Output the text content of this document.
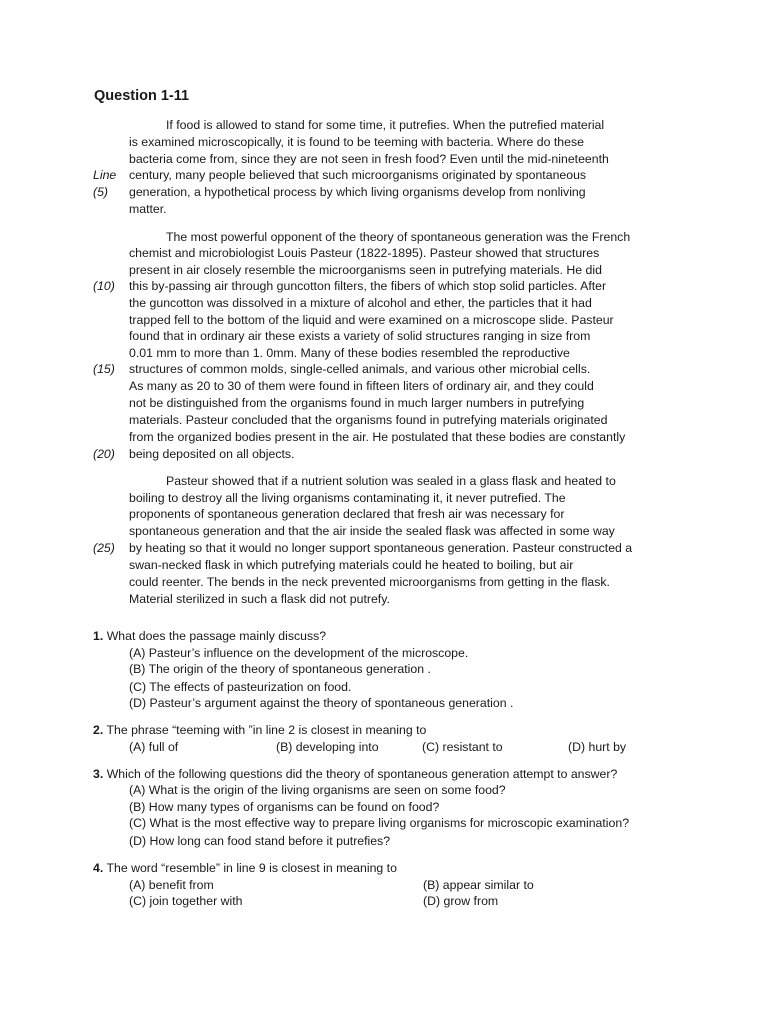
Question 1-11
If food is allowed to stand for some time, it putrefies. When the putrefied material
is examined microscopically, it is found to be teeming with bacteria. Where do these
bacteria come from, since they are not seen in fresh food? Even until the mid-nineteenth
century, many people believed that such microorganisms originated by spontaneous
generation, a hypothetical process by which living organisms develop from nonliving
matter.
The most powerful opponent of the theory of spontaneous generation was the French
chemist and microbiologist Louis Pasteur (1822-1895). Pasteur showed that structures
present in air closely resemble the microorganisms seen in putrefying materials. He did
this by-passing air through guncotton filters, the fibers of which stop solid particles. After
the guncotton was dissolved in a mixture of alcohol and ether, the particles that it had
trapped fell to the bottom of the liquid and were examined on a microscope slide. Pasteur
found that in ordinary air these exists a variety of solid structures ranging in size from
0.01 mm to more than 1. 0mm. Many of these bodies resembled the reproductive
structures of common molds, single-celled animals, and various other microbial cells.
As many as 20 to 30 of them were found in fifteen liters of ordinary air, and they could
not be distinguished from the organisms found in much larger numbers in putrefying
materials. Pasteur concluded that the organisms found in putrefying materials originated
from the organized bodies present in the air. He postulated that these bodies are constantly
being deposited on all objects.
Pasteur showed that if a nutrient solution was sealed in a glass flask and heated to
boiling to destroy all the living organisms contaminating it, it never putrefied. The
proponents of spontaneous generation declared that fresh air was necessary for
spontaneous generation and that the air inside the sealed flask was affected in some way
by heating so that it would no longer support spontaneous generation. Pasteur constructed a
swan-necked flask in which putrefying materials could he heated to boiling, but air
could reenter. The bends in the neck prevented microorganisms from getting in the flask.
Material sterilized in such a flask did not putrefy.
Line
(5)
(10)
(15)
(20)
(25)
1. What does the passage mainly discuss?
(A) Pasteur’s influence on the development of the microscope.
(B) The origin of the theory of spontaneous generation .
(C) The effects of pasteurization on food.
(D) Pasteur’s argument against the theory of spontaneous generation .
2. The phrase “teeming with ”in line 2 is closest in meaning to
(A) full of	(B) developing into	(C) resistant to	(D) hurt by
3. Which of the following questions did the theory of spontaneous generation attempt to answer?
(A) What is the origin of the living organisms are seen on some food?
(B) How many types of organisms can be found on food?
(C) What is the most effective way to prepare living organisms for microscopic examination?
(D) How long can food stand before it putrefies?
4. The word “resemble” in line 9 is closest in meaning to
(A) benefit from	(B) appear similar to
(C) join together with	(D) grow from
